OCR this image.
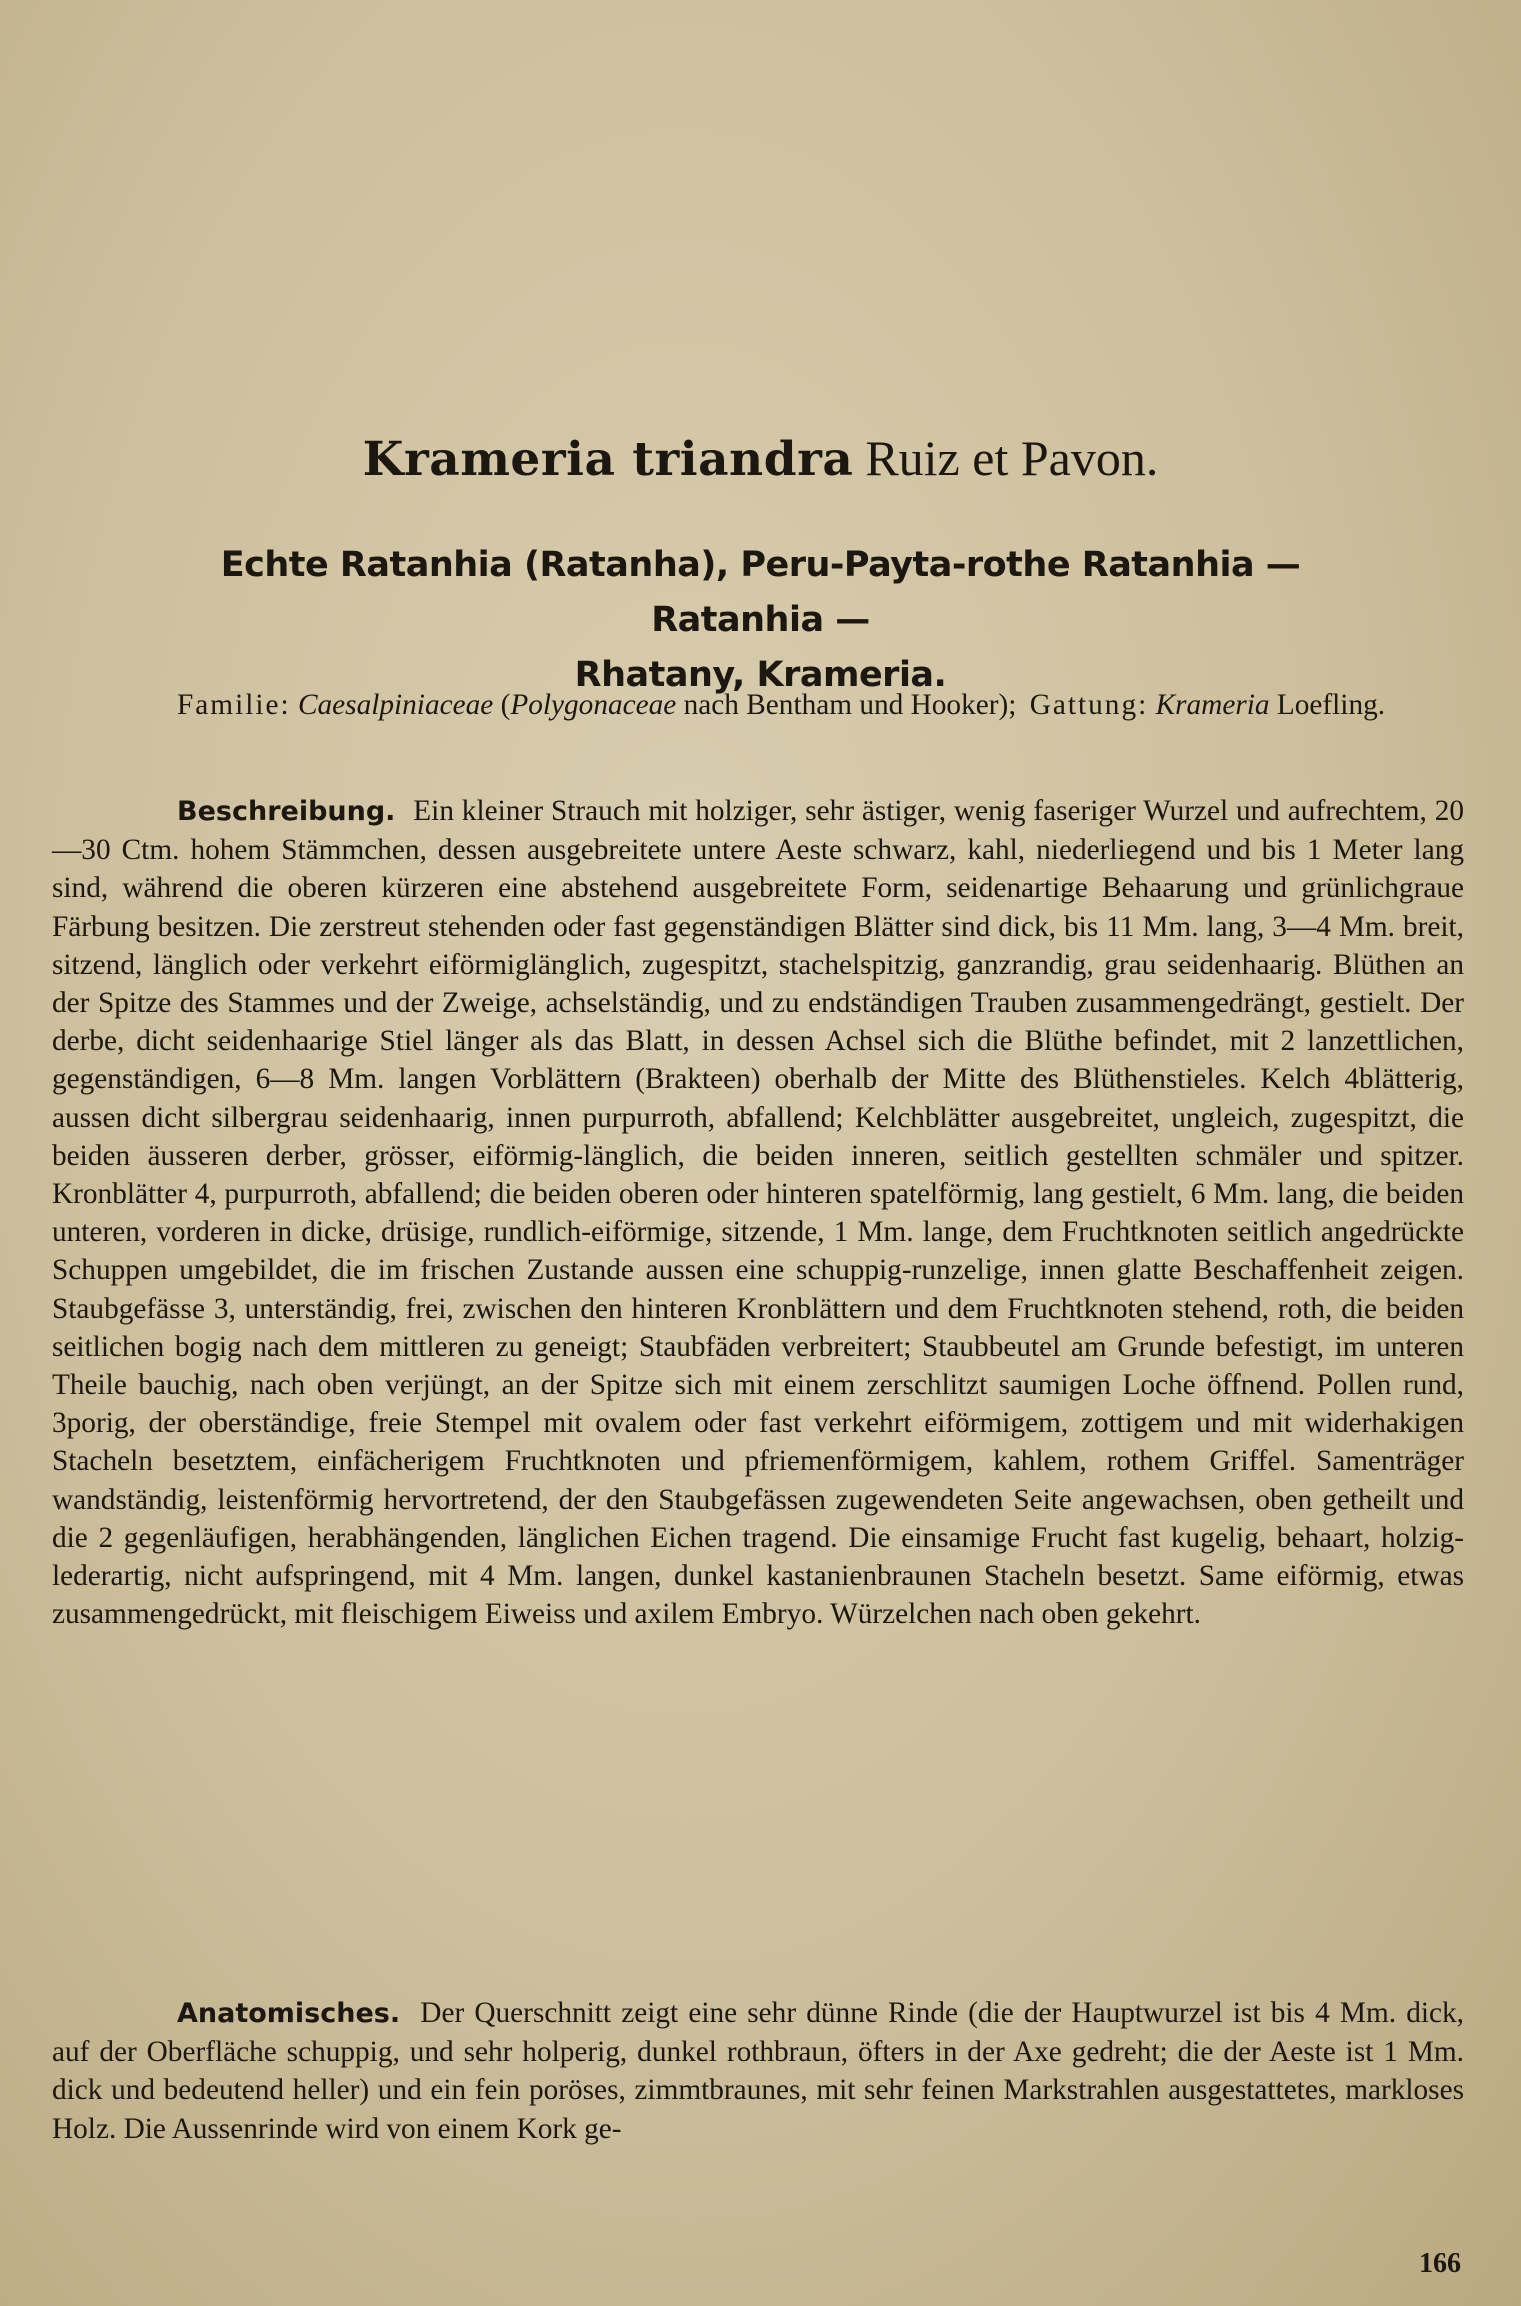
Krameria triandra Ruiz et Pavon.
Echte Ratanhia (Ratanha), Peru-Payta-rothe Ratanhia — Ratanhia —
Rhatany, Krameria.
Familie: Caesalpiniaceae (Polygonaceae nach Bentham und Hooker); Gattung: Krameria Loefling.
Beschreibung. Ein kleiner Strauch mit holziger, sehr ästiger, wenig faseriger Wurzel und aufrechtem, 20—30 Ctm. hohem Stämmchen, dessen ausgebreitete untere Aeste schwarz, kahl, niederliegend und bis 1 Meter lang sind, während die oberen kürzeren eine abstehend ausgebreitete Form, seidenartige Behaarung und grünlichgraue Färbung besitzen. Die zerstreut stehenden oder fast gegenständigen Blätter sind dick, bis 11 Mm. lang, 3—4 Mm. breit, sitzend, länglich oder verkehrt eiförmiglänglich, zugespitzt, stachelspitzig, ganzrandig, grau seidenhaarig. Blüthen an der Spitze des Stammes und der Zweige, achselständig, und zu endständigen Trauben zusammengedrängt, gestielt. Der derbe, dicht seidenhaarige Stiel länger als das Blatt, in dessen Achsel sich die Blüthe befindet, mit 2 lanzettlichen, gegenständigen, 6—8 Mm. langen Vorblättern (Brakteen) oberhalb der Mitte des Blüthenstieles. Kelch 4blätterig, aussen dicht silbergrau seidenhaarig, innen purpurroth, abfallend; Kelchblätter ausgebreitet, ungleich, zugespitzt, die beiden äusseren derber, grösser, eiförmig-länglich, die beiden inneren, seitlich gestellten schmäler und spitzer. Kronblätter 4, purpurroth, abfallend; die beiden oberen oder hinteren spatelförmig, lang gestielt, 6 Mm. lang, die beiden unteren, vorderen in dicke, drüsige, rundlich-eiförmige, sitzende, 1 Mm. lange, dem Fruchtknoten seitlich angedrückte Schuppen umgebildet, die im frischen Zustande aussen eine schuppig-runzelige, innen glatte Beschaffenheit zeigen. Staubgefässe 3, unterständig, frei, zwischen den hinteren Kronblättern und dem Fruchtknoten stehend, roth, die beiden seitlichen bogig nach dem mittleren zu geneigt; Staubfäden verbreitert; Staubbeutel am Grunde befestigt, im unteren Theile bauchig, nach oben verjüngt, an der Spitze sich mit einem zerschlitzt saumigen Loche öffnend. Pollen rund, 3porig, der oberständige, freie Stempel mit ovalem oder fast verkehrt eiförmigem, zottigem und mit widerhakigen Stacheln besetztem, einfächerigem Fruchtknoten und pfriemenförmigem, kahlem, rothem Griffel. Samenträger wandständig, leistenförmig hervortretend, der den Staubgefässen zugewendeten Seite angewachsen, oben getheilt und die 2 gegenläufigen, herabhängenden, länglichen Eichen tragend. Die einsamige Frucht fast kugelig, behaart, holzig-lederartig, nicht aufspringend, mit 4 Mm. langen, dunkel kastanienbraunen Stacheln besetzt. Same eiförmig, etwas zusammengedrückt, mit fleischigem Eiweiss und axilem Embryo. Würzelchen nach oben gekehrt.
Anatomisches. Der Querschnitt zeigt eine sehr dünne Rinde (die der Hauptwurzel ist bis 4 Mm. dick, auf der Oberfläche schuppig, und sehr holperig, dunkel rothbraun, öfters in der Axe gedreht; die der Aeste ist 1 Mm. dick und bedeutend heller) und ein fein poröses, zimmtbraunes, mit sehr feinen Markstrahlen ausgestattetes, markloses Holz. Die Aussenrinde wird von einem Kork ge-
166
